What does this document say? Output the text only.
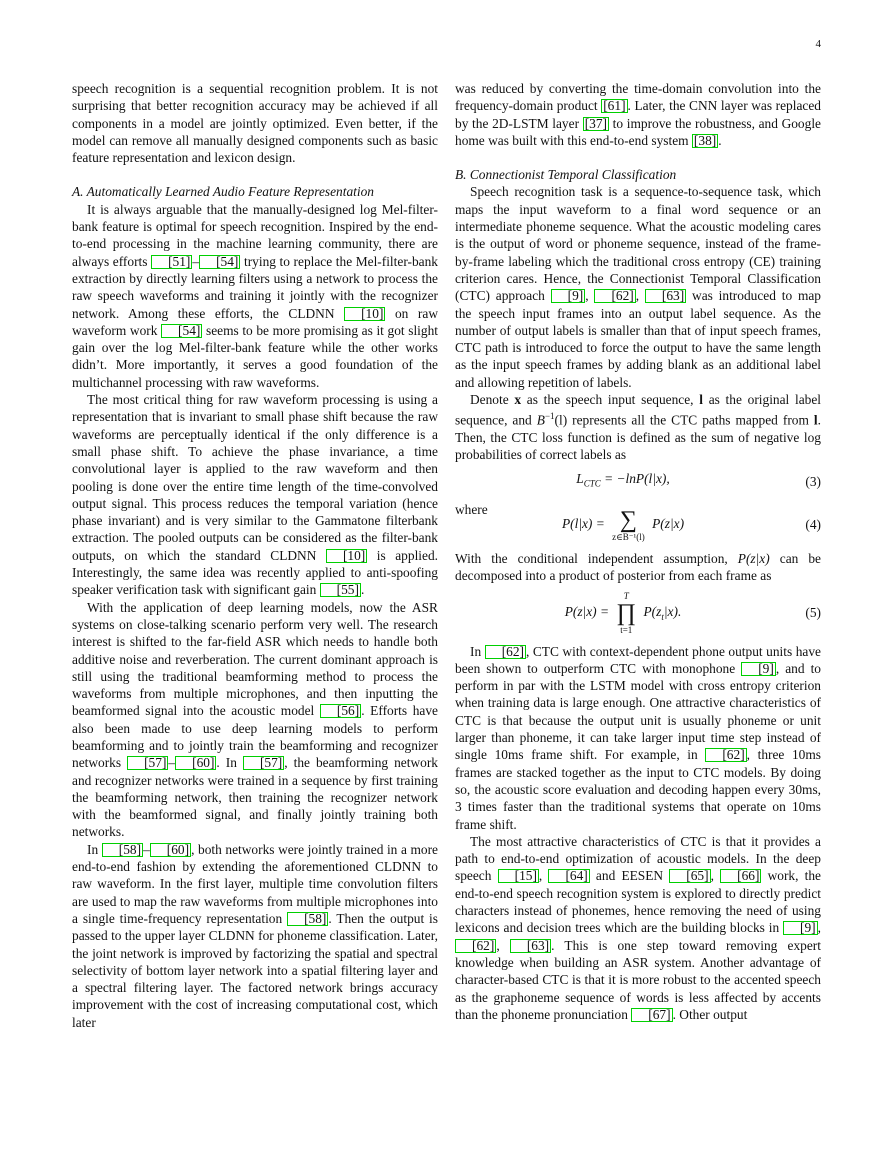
4

speech recognition is a sequential recognition problem. It is not surprising that better recognition accuracy may be achieved if all components in a model are jointly optimized. Even better, if the model can remove all manually designed components such as basic feature representation and lexicon design.

A. Automatically Learned Audio Feature Representation

It is always arguable that the manually-designed log Mel-filter-bank feature is optimal for speech recognition. Inspired by the end-to-end processing in the machine learning community, there are always efforts [51] – [54] trying to replace the Mel-filter-bank extraction by directly learning filters using a network to process the raw speech waveforms and training it jointly with the recognizer network. Among these efforts, the CLDNN [10] on raw waveform work [54] seems to be more promising as it got slight gain over the log Mel-filter-bank feature while the other works didn’t. More importantly, it serves a good foundation of the multichannel processing with raw waveforms.

The most critical thing for raw waveform processing is using a representation that is invariant to small phase shift because the raw waveforms are perceptually identical if the only difference is a small phase shift. To achieve the phase invariance, a time convolutional layer is applied to the raw waveform and then pooling is done over the entire time length of the time-convolved output signal. This process reduces the temporal variation (hence phase invariant) and is very similar to the Gammatone filterbank extraction. The pooled outputs can be considered as the filter-bank outputs, on which the standard CLDNN [10] is applied. Interestingly, the same idea was recently applied to anti-spoofing speaker verification task with significant gain [55] .

With the application of deep learning models, now the ASR systems on close-talking scenario perform very well. The research interest is shifted to the far-field ASR which needs to handle both additive noise and reverberation. The current dominant approach is still using the traditional beamforming method to process the waveforms from multiple microphones, and then inputting the beamformed signal into the acoustic model [56] . Efforts have also been made to use deep learning models to perform beamforming and to jointly train the beamforming and recognizer networks [57] – [60] . In [57] , the beamforming network and recognizer networks were trained in a sequence by first training the beamforming network, then training the recognizer network with the beamformed signal, and finally jointly training both networks.

In [58] – [60] , both networks were jointly trained in a more end-to-end fashion by extending the aforementioned CLDNN to raw waveform. In the first layer, multiple time convolution filters are used to map the raw waveforms from multiple microphones into a single time-frequency representation [58] . Then the output is passed to the upper layer CLDNN for phoneme classification. Later, the joint network is improved by factorizing the spatial and spectral selectivity of bottom layer network into a spatial filtering layer and a spectral filtering layer. The factored network brings accuracy improvement with the cost of increasing computational cost, which later

was reduced by converting the time-domain convolution into the frequency-domain product [61] . Later, the CNN layer was replaced by the 2D-LSTM layer [37] to improve the robustness, and Google home was built with this end-to-end system [38] .

B. Connectionist Temporal Classification

Speech recognition task is a sequence-to-sequence task, which maps the input waveform to a final word sequence or an intermediate phoneme sequence. What the acoustic modeling cares is the output of word or phoneme sequence, instead of the frame-by-frame labeling which the traditional cross entropy (CE) training criterion cares. Hence, the Connectionist Temporal Classification (CTC) approach [9] , [62] , [63] was introduced to map the speech input frames into an output label sequence. As the number of output labels is smaller than that of input speech frames, CTC path is introduced to force the output to have the same length as the input speech frames by adding blank as an additional label and allowing repetition of labels.

Denote x as the speech input sequence, l as the original label sequence, and $B^{-1}(l)$ represents all the CTC paths mapped from l. Then, the CTC loss function is defined as the sum of negative log probabilities of correct labels as

$L_{CTC} = -\ln P(l|x)$,	(3)

where

P(l|x) = ∑
z∈B⁻¹(l)
P(z|x)	(4)

With the conditional independent assumption, P(z|x) can be decomposed into a product of posterior from each frame as

P(z|x) =
T
∏
t=1
$P(z_t|x)$.	(5)

In [62] , CTC with context-dependent phone output units have been shown to outperform CTC with monophone [9] , and to perform in par with the LSTM model with cross entropy criterion when training data is large enough. One attractive characteristics of CTC is that because the output unit is usually phoneme or unit larger than phoneme, it can take larger input time step instead of single 10ms frame shift. For example, in [62] , three 10ms frames are stacked together as the input to CTC models. By doing so, the acoustic score evaluation and decoding happen every 30ms, 3 times faster than the traditional systems that operate on 10ms frame shift.

The most attractive characteristics of CTC is that it provides a path to end-to-end optimization of acoustic models. In the deep speech [15] , [64] and EESEN [65] , [66] work, the end-to-end speech recognition system is explored to directly predict characters instead of phonemes, hence removing the need of using lexicons and decision trees which are the building blocks in [9] , [62] , [63] . This is one step toward removing expert knowledge when building an ASR system. Another advantage of character-based CTC is that it is more robust to the accented speech as the graphoneme sequence of words is less affected by accents than the phoneme pronunciation [67] . Other output
